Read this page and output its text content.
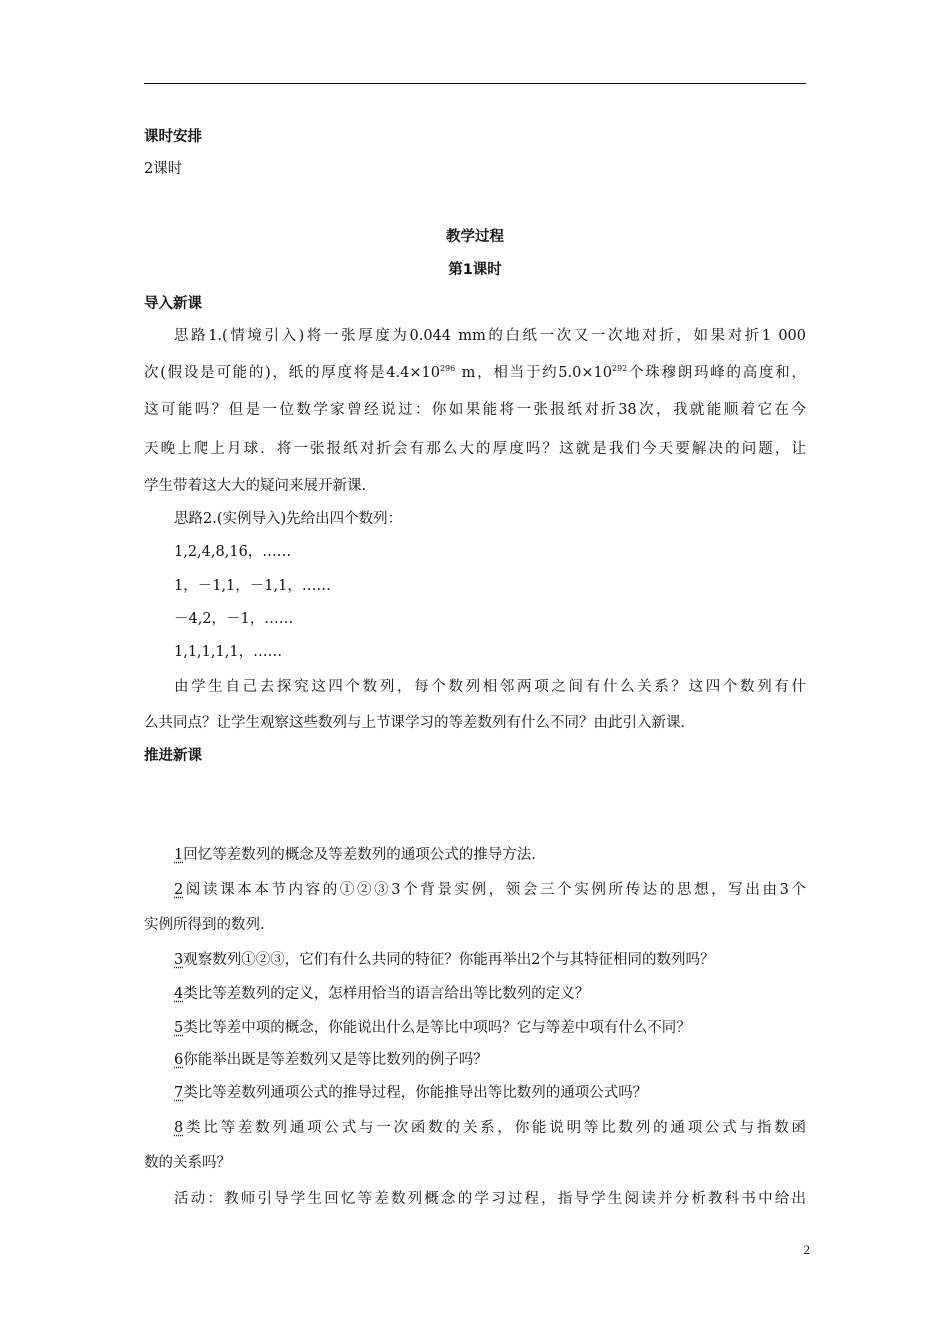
课时安排
2课时
教学过程
第1课时
导入新课
思路1.(情境引入)将一张厚度为0.044 mm的白纸一次又一次地对折，如果对折1 000
次(假设是可能的)，纸的厚度将是$4.4\times 10^{296}$ m，相当于约$5.0\times 10^{292}$个珠穆朗玛峰的高度和，
这可能吗？但是一位数学家曾经说过：你如果能将一张报纸对折38次，我就能顺着它在今
天晚上爬上月球．将一张报纸对折会有那么大的厚度吗？这就是我们今天要解决的问题，让
学生带着这大大的疑问来展开新课．
思路2.(实例导入)先给出四个数列：
1,2,4,8,16，……
1，－1,1，－1,1，……
－4,2，－1，……
1,1,1,1,1，……
由学生自己去探究这四个数列，每个数列相邻两项之间有什么关系？这四个数列有什
么共同点？让学生观察这些数列与上节课学习的等差数列有什么不同？由此引入新课．
推进新课
1回忆等差数列的概念及等差数列的通项公式的推导方法.
2阅读课本本节内容的①②③3个背景实例，领会三个实例所传达的思想，写出由3个
实例所得到的数列.
3观察数列①②③，它们有什么共同的特征？你能再举出2个与其特征相同的数列吗？
4类比等差数列的定义，怎样用恰当的语言给出等比数列的定义？
5类比等差中项的概念，你能说出什么是等比中项吗？它与等差中项有什么不同？
6你能举出既是等差数列又是等比数列的例子吗？
7类比等差数列通项公式的推导过程，你能推导出等比数列的通项公式吗？
8类比等差数列通项公式与一次函数的关系，你能说明等比数列的通项公式与指数函
数的关系吗？
活动：教师引导学生回忆等差数列概念的学习过程，指导学生阅读并分析教科书中给出
2
